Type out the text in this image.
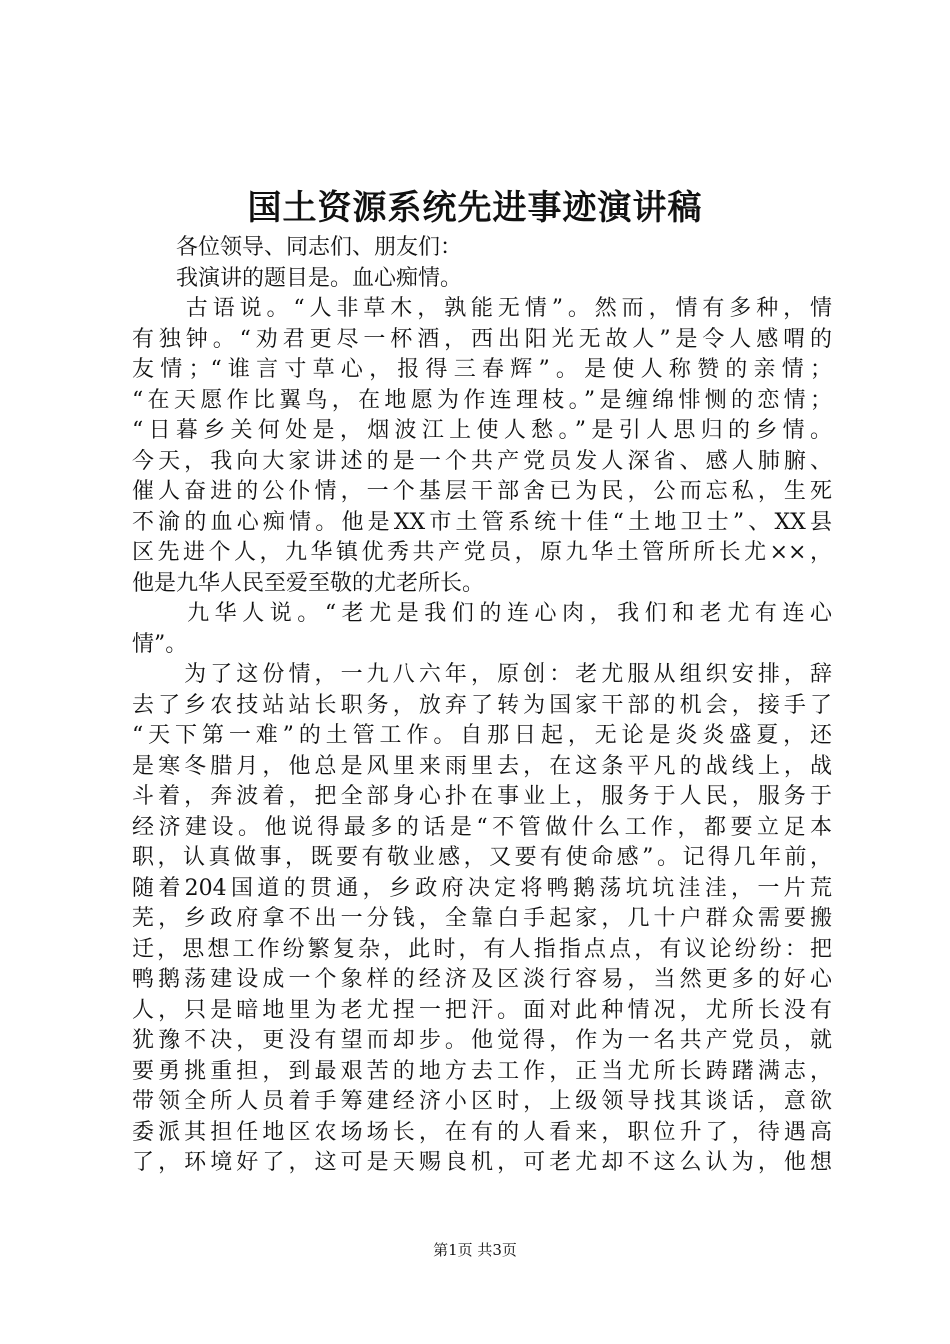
国土资源系统先进事迹演讲稿
　　各位领导、同志们、朋友们：
　　我演讲的题目是。血心痴情。
　　古语说。“人非草木，孰能无情”。然而，情有多种，情
有独钟。“劝君更尽一杯酒，西出阳光无故人”是令人感喟的
友情；“谁言寸草心，报得三春辉”。是使人称赞的亲情；
“在天愿作比翼鸟，在地愿为作连理枝。”是缠绵悱恻的恋情；
“日暮乡关何处是，烟波江上使人愁。”是引人思归的乡情。
今天，我向大家讲述的是一个共产党员发人深省、感人肺腑、
催人奋进的公仆情，一个基层干部舍已为民，公而忘私，生死
不渝的血心痴情。他是XX市土管系统十佳“土地卫士”、XX县
区先进个人，九华镇优秀共产党员，原九华土管所所长尤××，
他是九华人民至爱至敬的尤老所长。
　　九华人说。“老尤是我们的连心肉，我们和老尤有连心
情”。
　　为了这份情，一九八六年，原创：老尤服从组织安排，辞
去了乡农技站站长职务，放弃了转为国家干部的机会，接手了
“天下第一难”的土管工作。自那日起，无论是炎炎盛夏，还
是寒冬腊月，他总是风里来雨里去，在这条平凡的战线上，战
斗着，奔波着，把全部身心扑在事业上，服务于人民，服务于
经济建设。他说得最多的话是“不管做什么工作，都要立足本
职，认真做事，既要有敬业感，又要有使命感”。记得几年前，
随着204国道的贯通，乡政府决定将鸭鹅荡坑坑洼洼，一片荒
芜，乡政府拿不出一分钱，全靠白手起家，几十户群众需要搬
迁，思想工作纷繁复杂，此时，有人指指点点，有议论纷纷：把
鸭鹅荡建设成一个象样的经济及区淡行容易，当然更多的好心
人，只是暗地里为老尤捏一把汗。面对此种情况，尤所长没有
犹豫不决，更没有望而却步。他觉得，作为一名共产党员，就
要勇挑重担，到最艰苦的地方去工作，正当尤所长踌躇满志，
带领全所人员着手筹建经济小区时，上级领导找其谈话，意欲
委派其担任地区农场场长，在有的人看来，职位升了，待遇高
了，环境好了，这可是天赐良机，可老尤却不这么认为，他想
第1页 共3页
